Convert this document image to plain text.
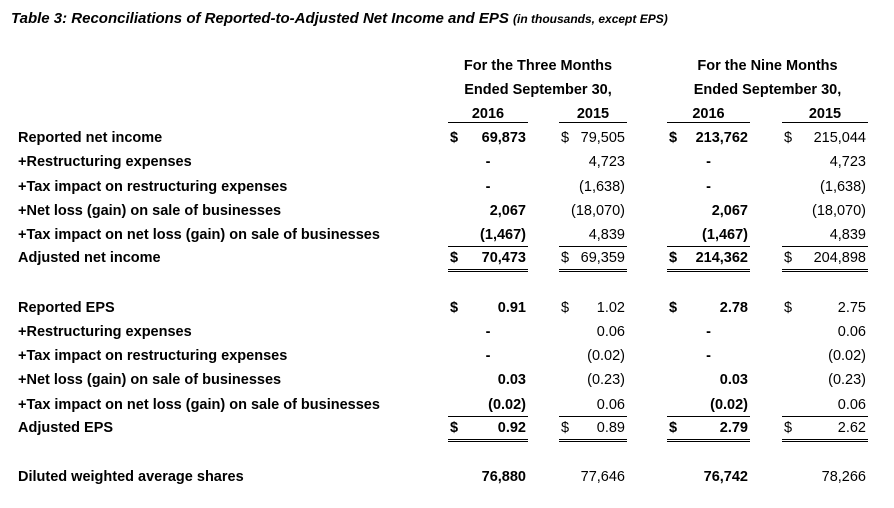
Table 3: Reconciliations of Reported-to-Adjusted Net Income and EPS (in thousands, except EPS)
For the Three Months
Ended September 30,
For the Nine Months
Ended September 30,
2016	2015	2016	2015
Reported net income	$ 69,873 $ 79,505	$ 213,762 $ 215,044
+Restructuring expenses	-	4,723	-	4,723
+Tax impact on restructuring expenses	-	(1,638)	-	(1,638)
+Net loss (gain) on sale of businesses	2,067	(18,070)	2,067	(18,070)
+Tax impact on net loss (gain) on sale of businesses	(1,467)	4,839	(1,467)	4,839
Adjusted net income	$ 70,473 $ 69,359	$ 214,362 $ 204,898
Reported EPS	$	0.91 $ 1.02	$	2.78 $	2.75
+Restructuring expenses	-	0.06	-	0.06
+Tax impact on restructuring expenses	-	(0.02)	-	(0.02)
+Net loss (gain) on sale of businesses	0.03	(0.23)	0.03	(0.23)
+Tax impact on net loss (gain) on sale of businesses	(0.02)	0.06	(0.02)	0.06
Adjusted EPS	$	0.92 $ 0.89	$	2.79 $	2.62
Diluted weighted average shares	76,880	77,646	76,742	78,266
